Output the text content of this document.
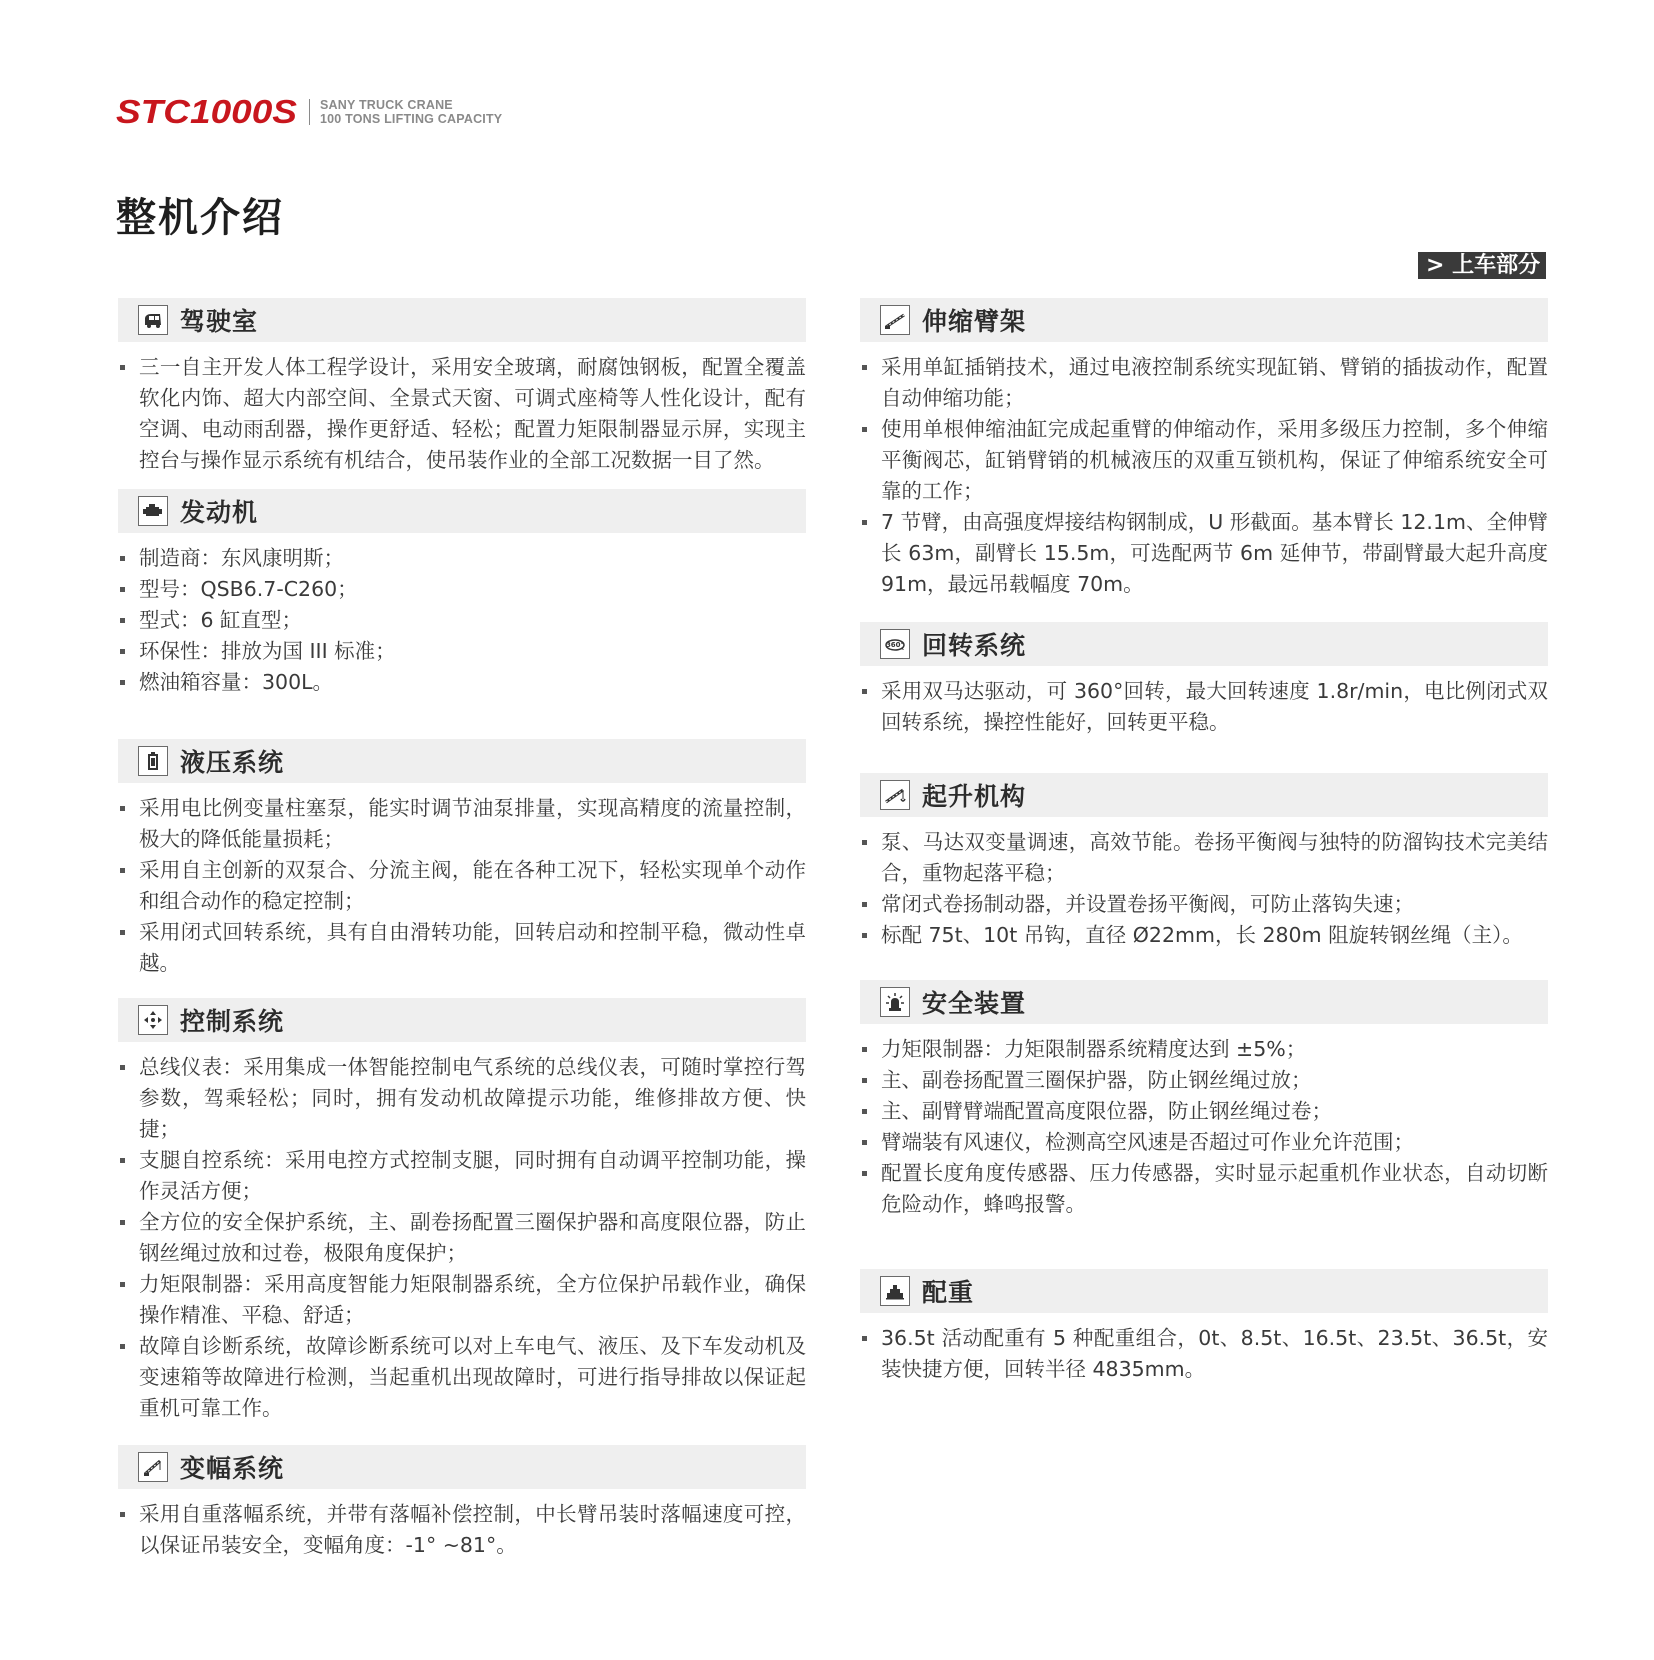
STC1000S SANY TRUCK CRANE
100 TONS LIFTING CAPACITY
整机介绍
> 上车部分
驾驶室
三一自主开发人体工程学设计，采用安全玻璃，耐腐蚀钢板，配置全覆盖软化内饰、超大内部空间、全景式天窗、可调式座椅等人性化设计，配有空调、电动雨刮器，操作更舒适、轻松；配置力矩限制器显示屏，实现主控台与操作显示系统有机结合，使吊装作业的全部工况数据一目了然。
发动机
制造商：东风康明斯；
型号：QSB6.7-C260；
型式：6 缸直型；
环保性：排放为国 III 标准；
燃油箱容量：300L。
液压系统
采用电比例变量柱塞泵，能实时调节油泵排量，实现高精度的流量控制，极大的降低能量损耗；
采用自主创新的双泵合、分流主阀，能在各种工况下，轻松实现单个动作和组合动作的稳定控制；
采用闭式回转系统，具有自由滑转功能，回转启动和控制平稳，微动性卓越。
控制系统
总线仪表：采用集成一体智能控制电气系统的总线仪表，可随时掌控行驾参数，驾乘轻松；同时，拥有发动机故障提示功能，维修排故方便、快捷；
支腿自控系统：采用电控方式控制支腿，同时拥有自动调平控制功能，操作灵活方便；
全方位的安全保护系统，主、副卷扬配置三圈保护器和高度限位器，防止钢丝绳过放和过卷，极限角度保护；
力矩限制器：采用高度智能力矩限制器系统，全方位保护吊载作业，确保操作精准、平稳、舒适；
故障自诊断系统，故障诊断系统可以对上车电气、液压、及下车发动机及变速箱等故障进行检测，当起重机出现故障时，可进行指导排故以保证起重机可靠工作。
变幅系统
采用自重落幅系统，并带有落幅补偿控制，中长臂吊装时落幅速度可控，以保证吊装安全，变幅角度：-1° ~81°。
伸缩臂架
采用单缸插销技术，通过电液控制系统实现缸销、臂销的插拔动作，配置自动伸缩功能；
使用单根伸缩油缸完成起重臂的伸缩动作，采用多级压力控制，多个伸缩平衡阀芯，缸销臂销的机械液压的双重互锁机构，保证了伸缩系统安全可靠的工作；
7 节臂，由高强度焊接结构钢制成，U 形截面。基本臂长 12.1m、全伸臂长 63m，副臂长 15.5m，可选配两节 6m 延伸节，带副臂最大起升高度 91m，最远吊载幅度 70m。
360° 回转系统
采用双马达驱动，可 360°回转，最大回转速度 1.8r/min，电比例闭式双回转系统，操控性能好，回转更平稳。
起升机构
泵、马达双变量调速，高效节能。卷扬平衡阀与独特的防溜钩技术完美结合，重物起落平稳；
常闭式卷扬制动器，并设置卷扬平衡阀，可防止落钩失速；
标配 75t、10t 吊钩，直径 Ø22mm，长 280m 阻旋转钢丝绳（主）。
安全装置
力矩限制器：力矩限制器系统精度达到 ±5%；
主、副卷扬配置三圈保护器，防止钢丝绳过放；
主、副臂臂端配置高度限位器，防止钢丝绳过卷；
臂端装有风速仪，检测高空风速是否超过可作业允许范围；
配置长度角度传感器、压力传感器，实时显示起重机作业状态，自动切断危险动作，蜂鸣报警。
配重
36.5t 活动配重有 5 种配重组合，0t、8.5t、16.5t、23.5t、36.5t，安装快捷方便，回转半径 4835mm。
